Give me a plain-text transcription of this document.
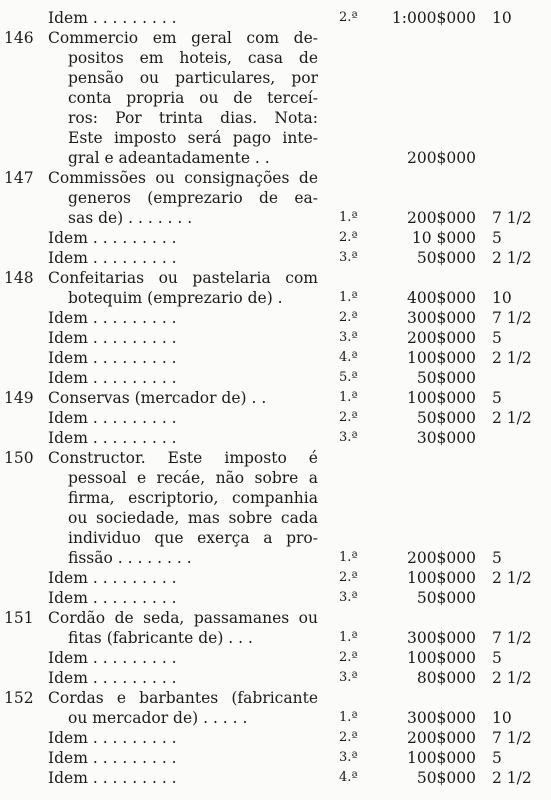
Idem . . . . . . . . .	2.ª	1:000$000 10
146 Commercio em geral com de-
positos em hoteis, casa de
pensão ou particulares, por
conta propria ou de terceí-
ros: Por trinta dias. Nota:
Este imposto será pago inte-
gral e adeantadamente . .	200$000
147 Commissões ou consignações de
generos (emprezario de ea-
sas de) . . . . . . .	1.ª	200$000 7 1/2
Idem . . . . . . . . .	2.ª	10 $000 5
Idem . . . . . . . . .	3.ª	50$000 2 1/2
148 Confeitarias ou pastelaria com
botequim (emprezario de) .	1.ª	400$000 10
Idem . . . . . . . . .	2.ª	300$000 7 1/2
Idem . . . . . . . . .	3.ª	200$000 5
Idem . . . . . . . . .	4.ª	100$000 2 1/2
Idem . . . . . . . . .	5.ª	50$000
149 Conservas (mercador de) . .	1.ª	100$000 5
Idem . . . . . . . . .	2.ª	50$000 2 1/2
Idem . . . . . . . . .	3.ª	30$000
150 Constructor. Este imposto é
pessoal e recáe, não sobre a
firma, escriptorio, companhia
ou sociedade, mas sobre cada
individuo que exerça a pro-
fissão . . . . . . . .	1.ª	200$000 5
Idem . . . . . . . . .	2.ª	100$000 2 1/2
Idem . . . . . . . . .	3.ª	50$000
151 Cordão de seda, passamanes ou
fitas (fabricante de) . . .	1.ª	300$000 7 1/2
Idem . . . . . . . . .	2.ª	100$000 5
Idem . . . . . . . . .	3.ª	80$000 2 1/2
152 Cordas e barbantes (fabricante
ou mercador de) . . . . .	1.ª	300$000 10
Idem . . . . . . . . .	2.ª	200$000 7 1/2
Idem . . . . . . . . .	3.ª	100$000 5
Idem . . . . . . . . .	4.ª	50$000 2 1/2
